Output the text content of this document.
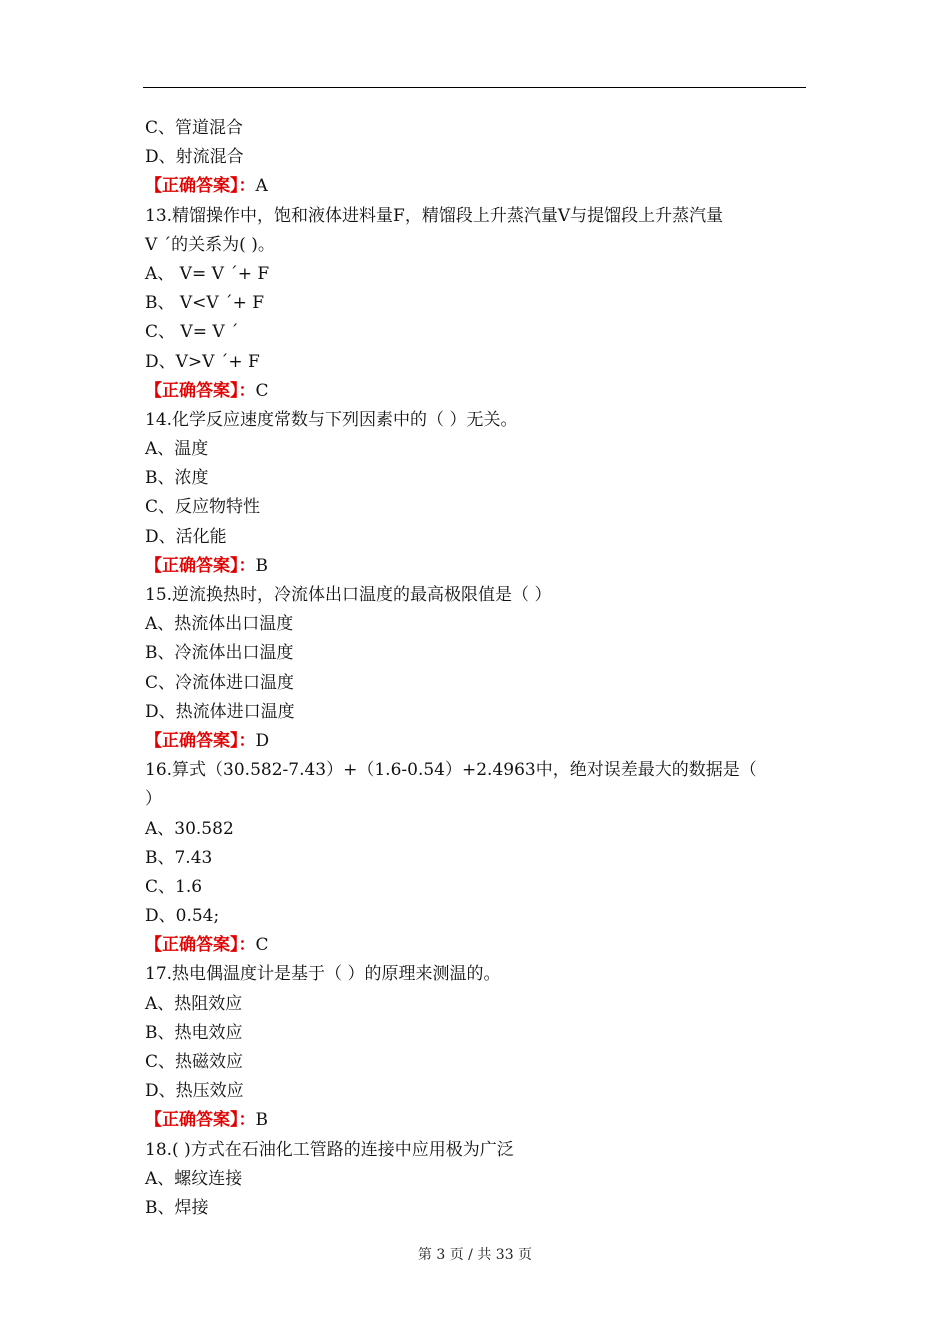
C、管道混合
D、射流混合
【正确答案】：A
13.精馏操作中，饱和液体进料量F，精馏段上升蒸汽量V与提馏段上升蒸汽量
V ´的关系为( )。
A、 V= V ´+ F
B、 V<V ´+ F
C、 V= V ´
D、V>V ´+ F
【正确答案】：C
14.化学反应速度常数与下列因素中的（ ）无关。
A、温度
B、浓度
C、反应物特性
D、活化能
【正确答案】：B
15.逆流换热时，冷流体出口温度的最高极限值是（ ）
A、热流体出口温度
B、冷流体出口温度
C、冷流体进口温度
D、热流体进口温度
【正确答案】：D
16.算式（30.582-7.43）+（1.6-0.54）+2.4963中，绝对误差最大的数据是（
）
A、30.582
B、7.43
C、1.6
D、0.54;
【正确答案】：C
17.热电偶温度计是基于（ ）的原理来测温的。
A、热阻效应
B、热电效应
C、热磁效应
D、热压效应
【正确答案】：B
18.( )方式在石油化工管路的连接中应用极为广泛
A、螺纹连接
B、焊接
第 3 页 / 共 33 页
